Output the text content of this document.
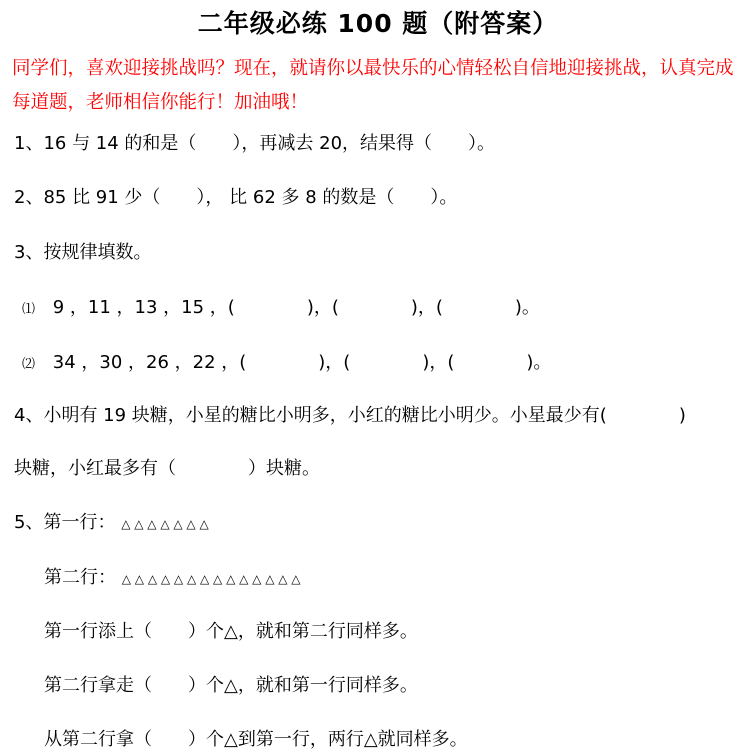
二年级必练 100 题（附答案）
同学们，喜欢迎接挑战吗？现在，就请你以最快乐的心情轻松自信地迎接挑战，认真完成每道题，老师相信你能行！加油哦！
1、16 与 14 的和是（　　），再减去 20，结果得（　　）。
2、85 比 91 少（　　）， 比 62 多 8 的数是（　　）。
3、按规律填数。
⑴ 9 ，11 ，13 ，15 ，(　　　　)，(　　　　)，(　　　　)。
⑵ 34 ，30 ，26 ，22 ，(　　　　)，(　　　　)，(　　　　)。
4、小明有 19 块糖，小星的糖比小明多，小红的糖比小明少。小星最少有(　　　　)
块糖，小红最多有（　　　　）块糖。
5、第一行： △ △ △ △ △ △ △
第二行： △ △ △ △ △ △ △ △ △ △ △ △ △ △
第一行添上（　　）个△，就和第二行同样多。
第二行拿走（　　）个△，就和第一行同样多。
从第二行拿（　　）个△到第一行，两行△就同样多。
